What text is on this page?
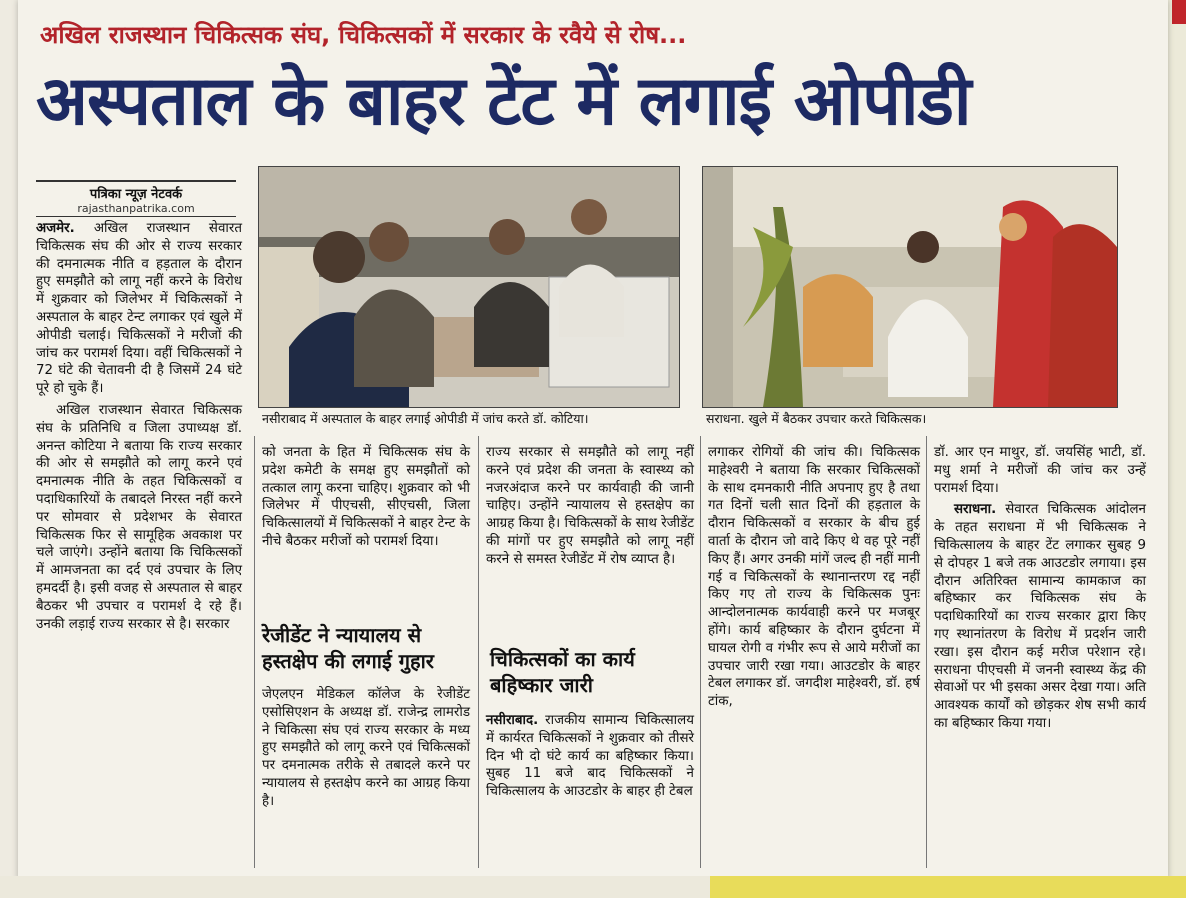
अखिल राजस्थान चिकित्सक संघ, चिकित्सकों में सरकार के रवैये से रोष...
अस्पताल के बाहर टेंट में लगाई ओपीडी
पत्रिका न्यूज़ नेटवर्क
rajasthanpatrika.com

अजमेर. अखिल राजस्थान सेवारत चिकित्सक संघ की ओर से राज्य सरकार की दमनात्मक नीति व हड़ताल के दौरान हुए समझौते को लागू नहीं करने के विरोध में शुक्रवार को जिलेभर में चिकित्सकों ने अस्पताल के बाहर टेन्ट लगाकर एवं खुले में ओपीडी चलाई। चिकित्सकों ने मरीजों की जांच कर परामर्श दिया। वहीं चिकित्सकों ने 72 घंटे की चेतावनी दी है जिसमें 24 घंटे पूरे हो चुके हैं।

अखिल राजस्थान सेवारत चिकित्सक संघ के प्रतिनिधि व जिला उपाध्यक्ष डॉ. अनन्त कोटिया ने बताया कि राज्य सरकार की ओर से समझौते को लागू करने एवं दमनात्मक नीति के तहत चिकित्सकों व पदाधिकारियों के तबादले निरस्त नहीं करने पर सोमवार से प्रदेशभर के सेवारत चिकित्सक फिर से सामूहिक अवकाश पर चले जाएंगे। उन्होंने बताया कि चिकित्सकों में आमजनता का दर्द एवं उपचार के लिए हमदर्दी है। इसी वजह से अस्पताल से बाहर बैठकर भी उपचार व परामर्श दे रहे हैं। उनकी लड़ाई राज्य सरकार से है। सरकार

नसीराबाद में अस्पताल के बाहर लगाई ओपीडी में जांच करते डॉ. कोटिया।	सराधना. खुले में बैठकर उपचार करते चिकित्सक।

को जनता के हित में चिकित्सक संघ के प्रदेश कमेटी के समक्ष हुए समझौतों को तत्काल लागू करना चाहिए। शुक्रवार को भी जिलेभर में पीएचसी, सीएचसी, जिला चिकित्सालयों में चिकित्सकों ने बाहर टेन्ट के नीचे बैठकर मरीजों को परामर्श दिया।

रेजीडेंट ने न्यायालय से हस्तक्षेप की लगाई गुहार

जेएलएन मेडिकल कॉलेज के रेजीडेंट एसोसिएशन के अध्यक्ष डॉ. राजेन्द्र लामरोड ने चिकित्सा संघ एवं राज्य सरकार के मध्य हुए समझौते को लागू करने एवं चिकित्सकों पर दमनात्मक तरीके से तबादले करने पर न्यायालय से हस्तक्षेप करने का आग्रह किया है।

राज्य सरकार से समझौते को लागू नहीं करने एवं प्रदेश की जनता के स्वास्थ्य को नजरअंदाज करने पर कार्यवाही की जानी चाहिए। उन्होंने न्यायालय से हस्तक्षेप का आग्रह किया है। चिकित्सकों के साथ रेजीडेंट की मांगों पर हुए समझौते को लागू नहीं करने से समस्त रेजीडेंट में रोष व्याप्त है।

चिकित्सकों का कार्य बहिष्कार जारी

नसीराबाद. राजकीय सामान्य चिकित्सालय में कार्यरत चिकित्सकों ने शुक्रवार को तीसरे दिन भी दो घंटे कार्य का बहिष्कार किया। सुबह 11 बजे बाद चिकित्सकों ने चिकित्सालय के आउटडोर के बाहर ही टेबल

लगाकर रोगियों की जांच की। चिकित्सक माहेश्वरी ने बताया कि सरकार चिकित्सकों के साथ दमनकारी नीति अपनाए हुए है तथा गत दिनों चली सात दिनों की हड़ताल के दौरान चिकित्सकों व सरकार के बीच हुई वार्ता के दौरान जो वादे किए थे वह पूरे नहीं किए हैं। अगर उनकी मांगें जल्द ही नहीं मानी गई व चिकित्सकों के स्थानान्तरण रद्द नहीं किए गए तो राज्य के चिकित्सक पुनः आन्दोलनात्मक कार्यवाही करने पर मजबूर होंगे। कार्य बहिष्कार के दौरान दुर्घटना में घायल रोगी व गंभीर रूप से आये मरीजों का उपचार जारी रखा गया। आउटडोर के बाहर टेबल लगाकर डॉ. जगदीश माहेश्वरी, डॉ. हर्ष टांक,

डॉ. आर एन माथुर, डॉ. जयसिंह भाटी, डॉ. मधु शर्मा ने मरीजों की जांच कर उन्हें परामर्श दिया।

सराधना. सेवारत चिकित्सक आंदोलन के तहत सराधना में भी चिकित्सक ने चिकित्सालय के बाहर टेंट लगाकर सुबह 9 से दोपहर 1 बजे तक आउटडोर लगाया। इस दौरान अतिरिक्त सामान्य कामकाज का बहिष्कार कर चिकित्सक संघ के पदाधिकारियों का राज्य सरकार द्वारा किए गए स्थानांतरण के विरोध में प्रदर्शन जारी रखा। इस दौरान कई मरीज परेशान रहे। सराधना पीएचसी में जननी स्वास्थ्य केंद्र की सेवाओं पर भी इसका असर देखा गया। अति आवश्यक कार्यों को छोड़कर शेष सभी कार्य का बहिष्कार किया गया।
